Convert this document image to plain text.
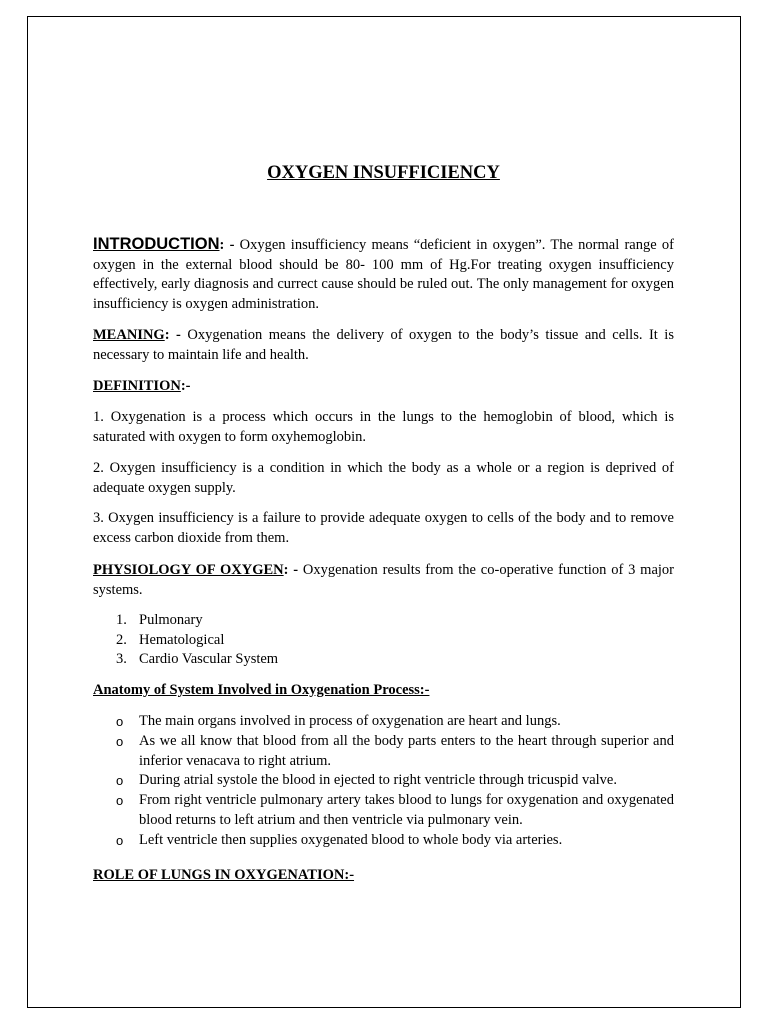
OXYGEN INSUFFICIENCY

INTRODUCTION: - Oxygen insufficiency means “deficient in oxygen”. The normal range of oxygen in the external blood should be 80- 100 mm of Hg.For treating oxygen insufficiency effectively, early diagnosis and currect cause should be ruled out. The only management for oxygen insufficiency is oxygen administration.

MEANING: - Oxygenation means the delivery of oxygen to the body’s tissue and cells. It is necessary to maintain life and health.

DEFINITION:-

1. Oxygenation is a process which occurs in the lungs to the hemoglobin of blood, which is saturated with oxygen to form oxyhemoglobin.

2. Oxygen insufficiency is a condition in which the body as a whole or a region is deprived of adequate oxygen supply.

3. Oxygen insufficiency is a failure to provide adequate oxygen to cells of the body and to remove excess carbon dioxide from them.

PHYSIOLOGY OF OXYGEN: - Oxygenation results from the co-operative function of 3 major systems.

1. Pulmonary
2. Hematological
3. Cardio Vascular System

Anatomy of System Involved in Oxygenation Process:-

o The main organs involved in process of oxygenation are heart and lungs.
o As we all know that blood from all the body parts enters to the heart through superior and inferior venacava to right atrium.
o During atrial systole the blood in ejected to right ventricle through tricuspid valve.
o From right ventricle pulmonary artery takes blood to lungs for oxygenation and oxygenated blood returns to left atrium and then ventricle via pulmonary vein.
o Left ventricle then supplies oxygenated blood to whole body via arteries.

ROLE OF LUNGS IN OXYGENATION:-
